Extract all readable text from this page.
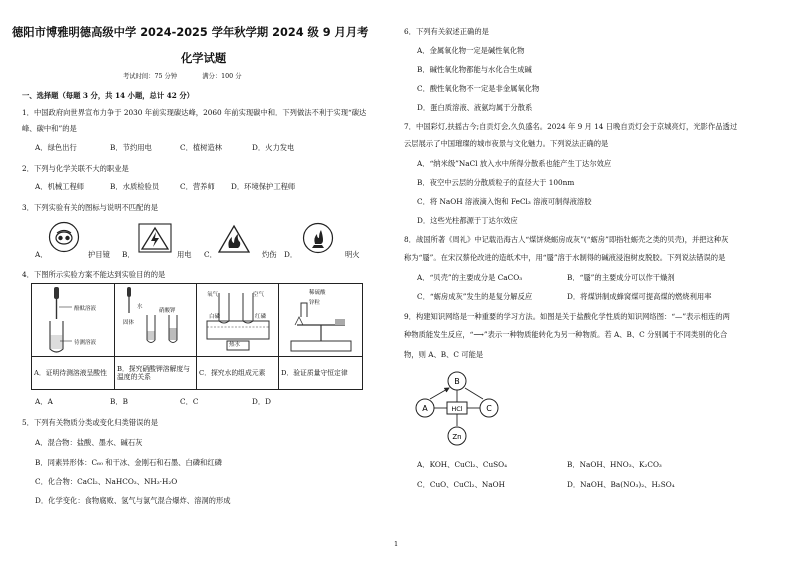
德阳市博雅明德高级中学 2024-2025 学年秋学期 2024 级 9 月月考
化学试题
考试时间：75 分钟　　　　满分：100 分
一、选择题（每题 3 分，共 14 小题，总计 42 分）
1．中国政府向世界宣布力争于 2030 年前实现碳达峰，2060 年前实现碳中和．下列做法不利于实现“碳达
峰、碳中和”的是
A．绿色出行	B．节约用电	C．植树造林	D．火力发电
2．下列与化学关联不大的职业是
A．机械工程师	B．水质检验员	C．营养师 D．环境保护工程师
3．下列实验有关的图标与说明不匹配的是
A．	护目镜 B．	用电 C．	灼伤 D．	明火
4．下图所示实验方案不能达到实验目的的是
酚酞溶液
待测溶液	水
固体
硝酸钾	氧气 空气
热水
白磷 红磷	稀硫酸
锌粒

A．证明待测溶液呈酸性	B．探究硝酸钾溶解度与温度的关系	C．探究水的组成元素	D．验证质量守恒定律
A．A	B．B	C．C	D．D
5．下列有关物质分类或变化归类错误的是
A．混合物：盐酸、墨水、碱石灰
B．同素异形体：C₆₀ 和干冰、金刚石和石墨、白磷和红磷
C．化合物：CaCl₂、NaHCO₃、NH₃·H₂O
D．化学变化：食物腐败、氢气与氯气混合爆炸、溶洞的形成
6．下列有关叙述正确的是
A．金属氧化物一定是碱性氧化物
B．碱性氧化物都能与水化合生成碱
C．酸性氧化物不一定是非金属氧化物
D．蛋白质溶液、液氨均属于分散系
7．中国彩灯,扶摇古今;自贡灯会,久负盛名。2024 年 9 月 14 日晚自贡灯会于京城亮灯，光影作品透过
云层展示了中国璀璨的城市夜景与文化魅力。下列说法正确的是
A．“纳米级”NaCl 放入水中所得分散系也能产生丁达尔效应
B．夜空中云层的分散质粒子的直径大于 100nm
C．将 NaOH 溶液滴入饱和 FeCl₃ 溶液可制得液溶胶
D．这些光柱都源于丁达尔效应
8．战国所著《周礼》中记载沿海古人“煤饼烧蛎房成灰”(“蛎房”即指牡蛎壳之类的贝壳)，并把这种灰
称为“蜃”。在宋汉蔡伦改进的造纸术中，用“蜃”溶于水制得的碱液浸泡树皮脱胶。下列说法错误的是
A．“贝壳”的主要成分是 CaCO₃	B．“蜃”的主要成分可以作干燥剂
C．“蛎房成灰”发生的是复分解反应	D．将煤饼制成蜂窝煤可提高煤的燃烧利用率
9．构建知识网络是一种重要的学习方法。如图是关于盐酸化学性质的知识网络图：“—”表示相连的两
种物质能发生反应，“⟶”表示一种物质能转化为另一种物质。若 A、B、C 分别属于不同类别的化合
物，则 A、B、C 可能是
B
A	C
Zn
HCl
A．KOH、CuCl₂、CuSO₄	B．NaOH、HNO₃、K₂CO₃
C．CuO、CuCl₂、NaOH	D．NaOH、Ba(NO₃)₂、H₂SO₄
1
